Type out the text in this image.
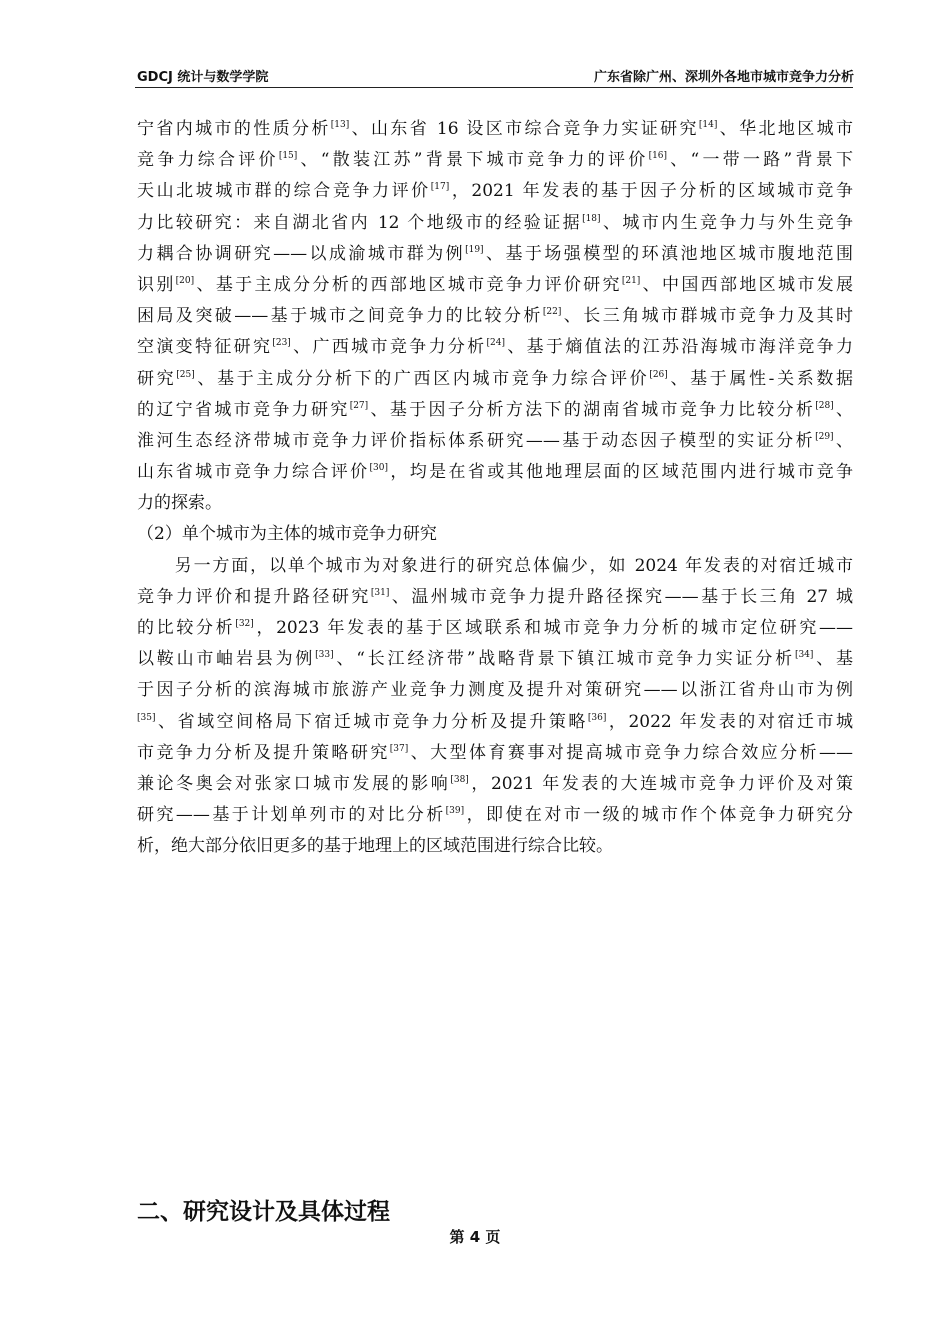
GDCJ 统计与数学学院	广东省除广州、深圳外各地市城市竞争力分析
宁省内城市的性质分析[13]、山东省 16 设区市综合竞争力实证研究[14]、华北地区城市
竞争力综合评价[15]、“散装江苏”背景下城市竞争力的评价[16]、“一带一路”背景下
天山北坡城市群的综合竞争力评价[17]，2021 年发表的基于因子分析的区域城市竞争
力比较研究：来自湖北省内 12 个地级市的经验证据[18]、城市内生竞争力与外生竞争
力耦合协调研究——以成渝城市群为例[19]、基于场强模型的环滇池地区城市腹地范围
识别[20]、基于主成分分析的西部地区城市竞争力评价研究[21]、中国西部地区城市发展
困局及突破——基于城市之间竞争力的比较分析[22]、长三角城市群城市竞争力及其时
空演变特征研究[23]、广西城市竞争力分析[24]、基于熵值法的江苏沿海城市海洋竞争力
研究[25]、基于主成分分析下的广西区内城市竞争力综合评价[26]、基于属性-关系数据
的辽宁省城市竞争力研究[27]、基于因子分析方法下的湖南省城市竞争力比较分析[28]、
淮河生态经济带城市竞争力评价指标体系研究——基于动态因子模型的实证分析[29]、
山东省城市竞争力综合评价[30]，均是在省或其他地理层面的区域范围内进行城市竞争
力的探索。
（2）单个城市为主体的城市竞争力研究
　　另一方面，以单个城市为对象进行的研究总体偏少，如 2024 年发表的对宿迁城市
竞争力评价和提升路径研究[31]、温州城市竞争力提升路径探究——基于长三角 27 城
的比较分析[32]，2023 年发表的基于区域联系和城市竞争力分析的城市定位研究——
以鞍山市岫岩县为例[33]、“长江经济带”战略背景下镇江城市竞争力实证分析[34]、基
于因子分析的滨海城市旅游产业竞争力测度及提升对策研究——以浙江省舟山市为例
[35]、省域空间格局下宿迁城市竞争力分析及提升策略[36]，2022 年发表的对宿迁市城
市竞争力分析及提升策略研究[37]、大型体育赛事对提高城市竞争力综合效应分析——
兼论冬奥会对张家口城市发展的影响[38]，2021 年发表的大连城市竞争力评价及对策
研究——基于计划单列市的对比分析[39]，即使在对市一级的城市作个体竞争力研究分
析，绝大部分依旧更多的基于地理上的区域范围进行综合比较。
二、研究设计及具体过程
第 4 页
